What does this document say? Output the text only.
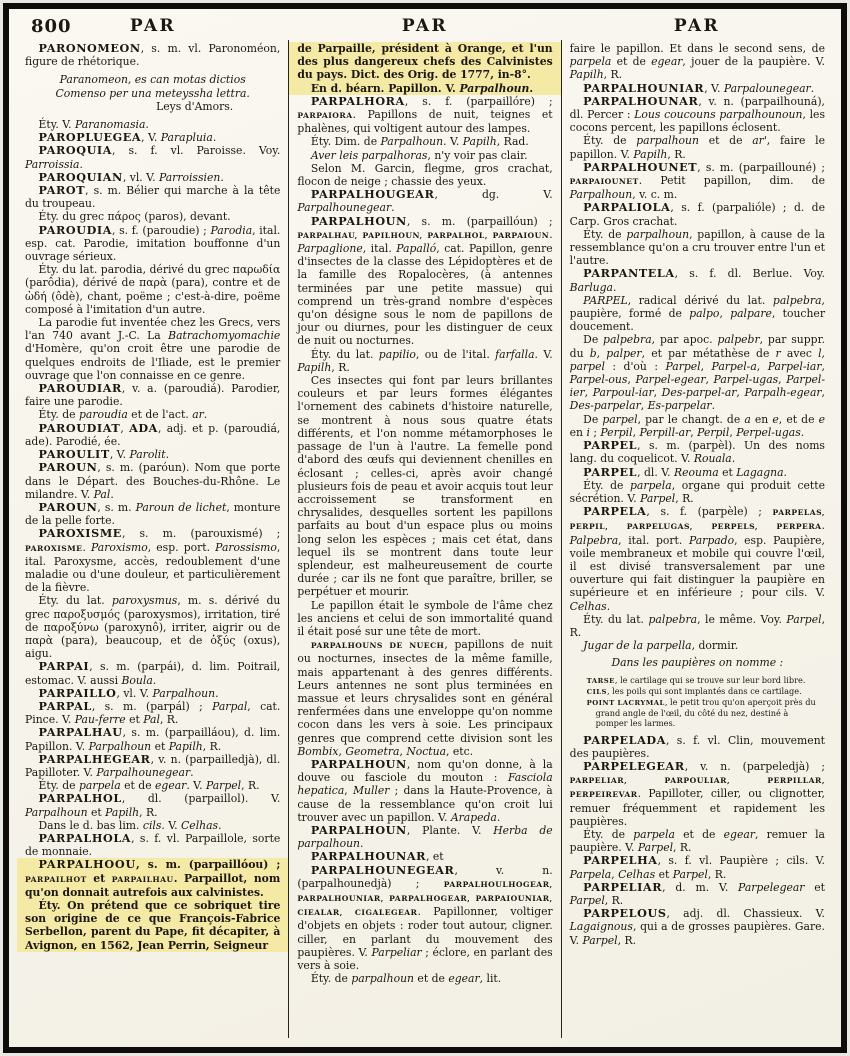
800	PAR	PAR	PAR

PARONOMEON, s. m. vl. Paronoméon, figure de rhétorique.

Paranomeon, es can motas dictios

Comenso per una meteyssha lettra.

Leys d'Amors.

Éty. V. Paranomasia.

PAROPLUEGEA, V. Parapluia.

PAROQUIA, s. f. vl. Paroisse. Voy. Parroissia.

PAROQUIAN, vl. V. Parroissien.

PAROT, s. m. Bélier qui marche à la tête du troupeau.

Éty. du grec πάρος (paros), devant.

PAROUDIA, s. f. (paroudie) ; Parodia, ital. esp. cat. Parodie, imitation bouffonne d'un ouvrage sérieux.

Éty. du lat. parodia, dérivé du grec παρωδία (parôdia), dérivé de παρὰ (para), contre et de ὠδή (ôdè), chant, poëme ; c'est-à-dire, poëme composé à l'imitation d'un autre.

La parodie fut inventée chez les Grecs, vers l'an 740 avant J.-C. La Batrachomyomachie d'Homère, qu'on croit être une parodie de quelques endroits de l'Iliade, est le premier ouvrage que l'on connaisse en ce genre.

PAROUDIAR, v. a. (paroudiá). Parodier, faire une parodie.

Éty. de paroudia et de l'act. ar.

PAROUDIAT, ADA, adj. et p. (paroudiá, ade). Parodié, ée.

PAROULIT, V. Parolit.

PAROUN, s. m. (paróun). Nom que porte dans le Départ. des Bouches-du-Rhône. Le milandre. V. Pal.

PAROUN, s. m. Paroun de lichet, monture de la pelle forte.

PAROXISME, s. m. (parouxismé) ; PAROXISME. Paroxismo, esp. port. Parossismo, ital. Paroxysme, accès, redoublement d'une maladie ou d'une douleur, et particulièrement de la fièvre.

Éty. du lat. paroxysmus, m. s. dérivé du grec παροξυσμός (paroxysmos), irritation, tiré de παροξύνω (paroxynô), irriter, aigrir ou de παρὰ (para), beaucoup, et de ὀξύς (oxus), aigu.

PARPAI, s. m. (parpái), d. lim. Poitrail, estomac. V. aussi Boula.

PARPAILLO, vl. V. Parpalhoun.

PARPAL, s. m. (parpál) ; Parpal, cat. Pince. V. Pau-ferre et Pal, R.

PARPALHAU, s. m. (parpailláou), d. lim. Papillon. V. Parpalhoun et Papilh, R.

PARPALHEGEAR, v. n. (parpailledjà), dl. Papilloter. V. Parpalhounegear.

Éty. de parpela et de egear. V. Parpel, R.

PARPALHOL, dl. (parpaillol). V. Parpalhoun et Papilh, R.

Dans le d. bas lim. cils. V. Celhas.

PARPALHOLA, s. f. vl. Parpaillole, sorte de monnaie.

PARPALHOOU, s. m. (parpaillóou) ; PARPAILHOT et PARPAILHAU. Parpaillot, nom qu'on donnait autrefois aux calvinistes.

Éty. On prétend que ce sobriquet tire son origine de ce que François-Fabrice Serbellon, parent du Pape, fit décapiter, à Avignon, en 1562, Jean Perrin, Seigneur

de Parpaille, président à Orange, et l'un des plus dangereux chefs des Calvinistes du pays. Dict. des Orig. de 1777, in-8°.

En d. béarn. Papillon. V. Parpalhoun.

PARPALHORA, s. f. (parpaillóre) ; PARPAIORA. Papillons de nuit, teignes et phalènes, qui voltigent autour des lampes.

Éty. Dim. de Parpalhoun. V. Papilh, Rad.

Aver leis parpalhoras, n'y voir pas clair.

Selon M. Garcin, flegme, gros crachat, flocon de neige ; chassie des yeux.

PARPALHOUGEAR, dg. V. Parpalhounegear.

PARPALHOUN, s. m. (parpaillóun) ; PARPALHAU, PAPILHOUN, PARPALHOL, PARPAIOUN. Parpaglione, ital. Papalló, cat. Papillon, genre d'insectes de la classe des Lépidoptères et de la famille des Ropalocères, (à antennes terminées par une petite massue) qui comprend un très-grand nombre d'espèces qu'on désigne sous le nom de papillons de jour ou diurnes, pour les distinguer de ceux de nuit ou nocturnes.

Éty. du lat. papilio, ou de l'ital. farfalla. V. Papilh, R.

Ces insectes qui font par leurs brillantes couleurs et par leurs formes élégantes l'ornement des cabinets d'histoire naturelle, se montrent à nous sous quatre états différents, et l'on nomme métamorphoses le passage de l'un à l'autre. La femelle pond d'abord des œufs qui deviennent chenilles en éclosant ; celles-ci, après avoir changé plusieurs fois de peau et avoir acquis tout leur accroissement se transforment en chrysalides, desquelles sortent les papillons parfaits au bout d'un espace plus ou moins long selon les espèces ; mais cet état, dans lequel ils se montrent dans toute leur splendeur, est malheureusement de courte durée ; car ils ne font que paraître, briller, se perpétuer et mourir.

Le papillon était le symbole de l'âme chez les anciens et celui de son immortalité quand il était posé sur une tête de mort.

PARPALHOUNS DE NUECH, papillons de nuit ou nocturnes, insectes de la même famille, mais appartenant à des genres différents. Leurs antennes ne sont plus terminées en massue et leurs chrysalides sont en général renfermées dans une enveloppe qu'on nomme cocon dans les vers à soie. Les principaux genres que comprend cette division sont les Bombix, Geometra, Noctua, etc.

PARPALHOUN, nom qu'on donne, à la douve ou fasciole du mouton : Fasciola hepatica, Muller ; dans la Haute-Provence, à cause de la ressemblance qu'on croit lui trouver avec un papillon. V. Arapeda.

PARPALHOUN, Plante. V. Herba de parpalhoun.

PARPALHOUNAR, et

PARPALHOUNEGEAR, v. n. (parpalhounedjà) ; PARPALHOULHOGEAR, PARPALHOUNIAR, PARPALHOGEAR, PARPAIOUNIAR, CIEALAR, CIGALEGEAR. Papillonner, voltiger d'objets en objets : roder tout autour, cligner. ciller, en parlant du mouvement des paupières. V. Parpeliar ; éclore, en parlant des vers à soie.

Éty. de parpalhoun et de egear, lit.

faire le papillon. Et dans le second sens, de parpela et de egear, jouer de la paupière. V. Papilh, R.

PARPALHOUNIAR, V. Parpalounegear.

PARPALHOUNAR, v. n. (parpailhouná), dl. Percer : Lous coucouns parpalhounoun, les cocons percent, les papillons éclosent.

Éty. de parpalhoun et de ar', faire le papillon. V. Papilh, R.

PARPALHOUNET, s. m. (parpaillouné) ; PARPAIOUNET. Petit papillon, dim. de Parpalhoun, v. c. m.

PARPALIOLA, s. f. (parpalióle) ; d. de Carp. Gros crachat.

Éty. de parpalhoun, papillon, à cause de la ressemblance qu'on a cru trouver entre l'un et l'autre.

PARPANTELA, s. f. dl. Berlue. Voy. Barluga.

PARPEL, radical dérivé du lat. palpebra, paupière, formé de palpo, palpare, toucher doucement.

De palpebra, par apoc. palpebr, par suppr. du b, palper, et par métathèse de r avec l, parpel : d'où : Parpel, Parpel-a, Parpel-iar, Parpel-ous, Parpel-egear, Parpel-ugas, Parpel-ier, Parpoul-iar, Des-parpel-ar, Parpalh-egear, Des-parpelar, Es-parpelar.

De parpel, par le changt. de a en e, et de e en i ; Perpil, Perpill-ar, Perpil, Perpel-ugas.

PARPEL, s. m. (parpèl). Un des noms lang. du coquelicot. V. Rouala.

PARPEL, dl. V. Reouma et Lagagna.

Éty. de parpela, organe qui produit cette sécrétion. V. Parpel, R.

PARPELA, s. f. (parpèle) ; PARPELAS, PERPIL, PARPELUGAS, PERPELS, PERPERA. Palpebra, ital. port. Parpado, esp. Paupière, voile membraneux et mobile qui couvre l'œil, il est divisé transversalement par une ouverture qui fait distinguer la paupière en supérieure et en inférieure ; pour cils. V. Celhas.

Éty. du lat. palpebra, le même. Voy. Parpel, R.

Jugar de la parpella, dormir.

Dans les paupières on nomme :

TARSE, le cartilage qui se trouve sur leur bord libre.

CILS, les poils qui sont implantés dans ce cartilage.

POINT LACRYMAL, le petit trou qu'on aperçoit près du grand angle de l'œil, du côté du nez, destiné à pomper les larmes.

PARPELADA, s. f. vl. Clin, mouvement des paupières.

PARPELEGEAR, v. n. (parpeledjà) ; PARPELIAR, PARPOULIAR, PERPILLAR, PERPEIREVAR. Papilloter, ciller, ou clignotter, remuer fréquemment et rapidement les paupières.

Éty. de parpela et de egear, remuer la paupière. V. Parpel, R.

PARPELHA, s. f. vl. Paupière ; cils. V. Parpela, Celhas et Parpel, R.

PARPELIAR, d. m. V. Parpelegear et Parpel, R.

PARPELOUS, adj. dl. Chassieux. V. Lagaignous, qui a de grosses paupières. Gare. V. Parpel, R.
